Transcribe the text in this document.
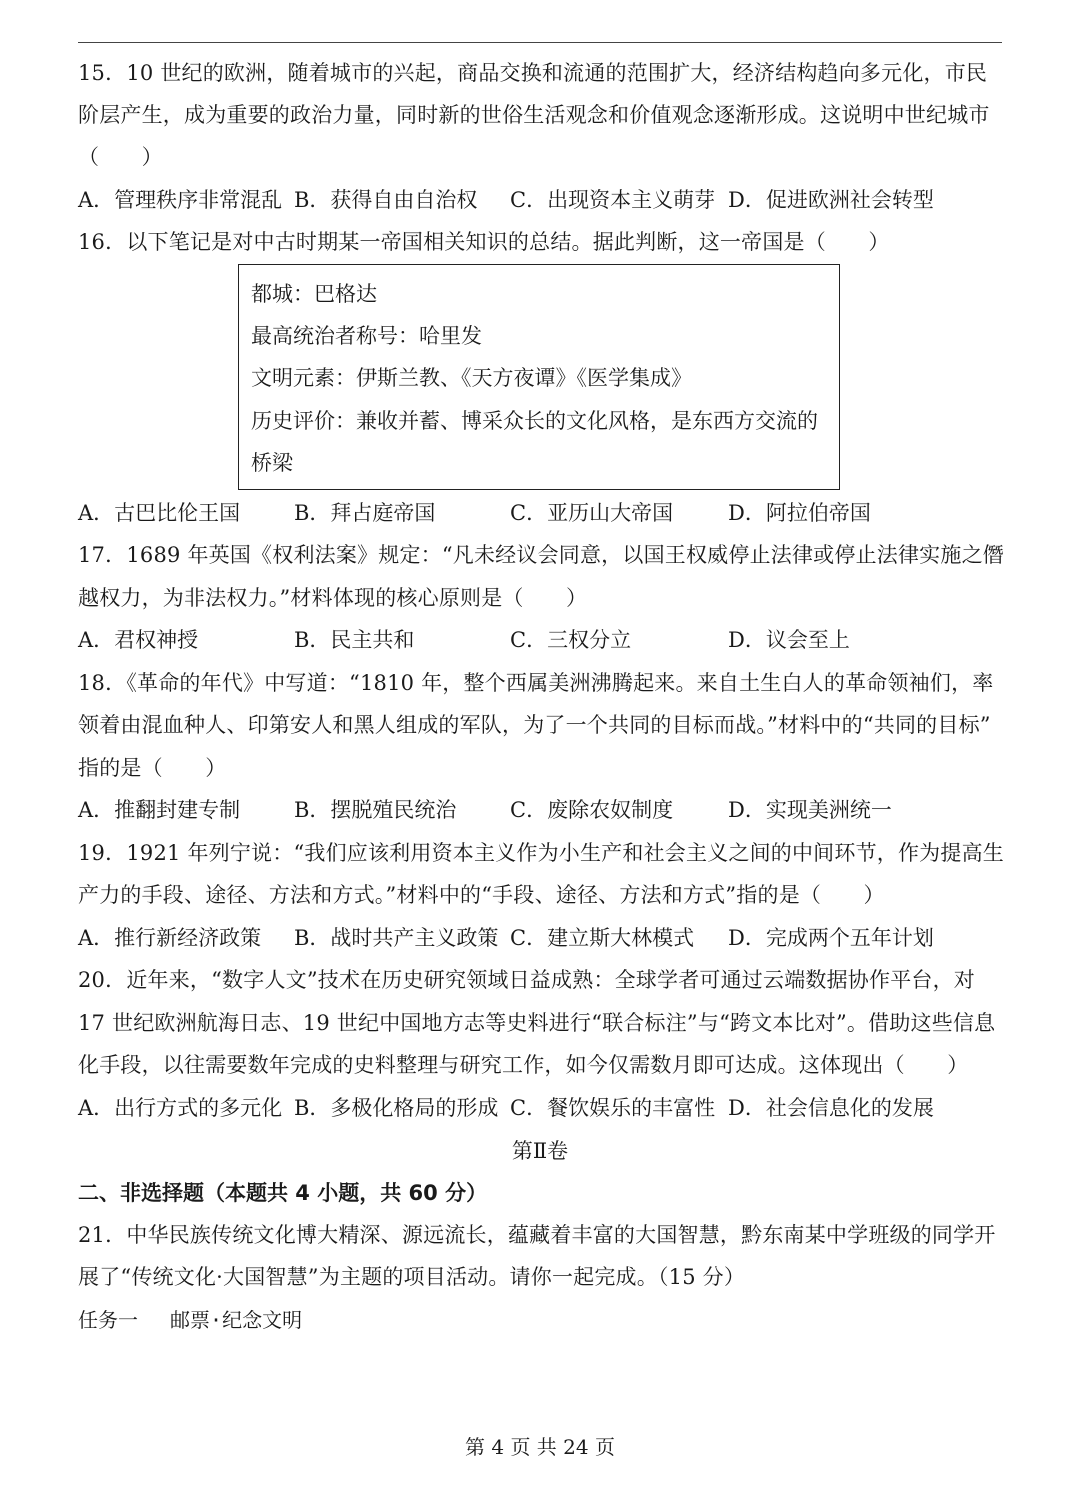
15．10 世纪的欧洲，随着城市的兴起，商品交换和流通的范围扩大，经济结构趋向多元化，市民
阶层产生，成为重要的政治力量，同时新的世俗生活观念和价值观念逐渐形成。这说明中世纪城市
（　　）
A．管理秩序非常混乱 B．获得自由自治权 C．出现资本主义萌芽 D．促进欧洲社会转型
16．以下笔记是对中古时期某一帝国相关知识的总结。据此判断，这一帝国是（　　）
都城：巴格达
最高统治者称号：哈里发
文明元素：伊斯兰教、《天方夜谭》《医学集成》
历史评价：兼收并蓄、博采众长的文化风格，是东西方交流的
桥梁
A．古巴比伦王国	B．拜占庭帝国	C．亚历山大帝国	D．阿拉伯帝国
17．1689 年英国《权利法案》规定：“凡未经议会同意，以国王权威停止法律或停止法律实施之僭
越权力，为非法权力。”材料体现的核心原则是（　　）
A．君权神授	B．民主共和	C．三权分立	D．议会至上
18．《革命的年代》中写道：“1810 年，整个西属美洲沸腾起来。来自土生白人的革命领袖们，率
领着由混血种人、印第安人和黑人组成的军队，为了一个共同的目标而战。”材料中的“共同的目标”
指的是（　　）
A．推翻封建专制	B．摆脱殖民统治	C．废除农奴制度	D．实现美洲统一
19．1921 年列宁说：“我们应该利用资本主义作为小生产和社会主义之间的中间环节，作为提高生
产力的手段、途径、方法和方式。”材料中的“手段、途径、方法和方式”指的是（　　）
A．推行新经济政策 B．战时共产主义政策 C．建立斯大林模式 D．完成两个五年计划
20．近年来，“数字人文”技术在历史研究领域日益成熟：全球学者可通过云端数据协作平台，对
17 世纪欧洲航海日志、19 世纪中国地方志等史料进行“联合标注”与“跨文本比对”。借助这些信息
化手段，以往需要数年完成的史料整理与研究工作，如今仅需数月即可达成。这体现出（　　）
A．出行方式的多元化 B．多极化格局的形成 C．餐饮娱乐的丰富性 D．社会信息化的发展
第Ⅱ卷
二、非选择题（本题共 4 小题，共 60 分）
21．中华民族传统文化博大精深、源远流长，蕴藏着丰富的大国智慧，黔东南某中学班级的同学开
展了“传统文化·大国智慧”为主题的项目活动。请你一起完成。（15 分）
任务一　 邮票·纪念文明
第 4 页 共 24 页
